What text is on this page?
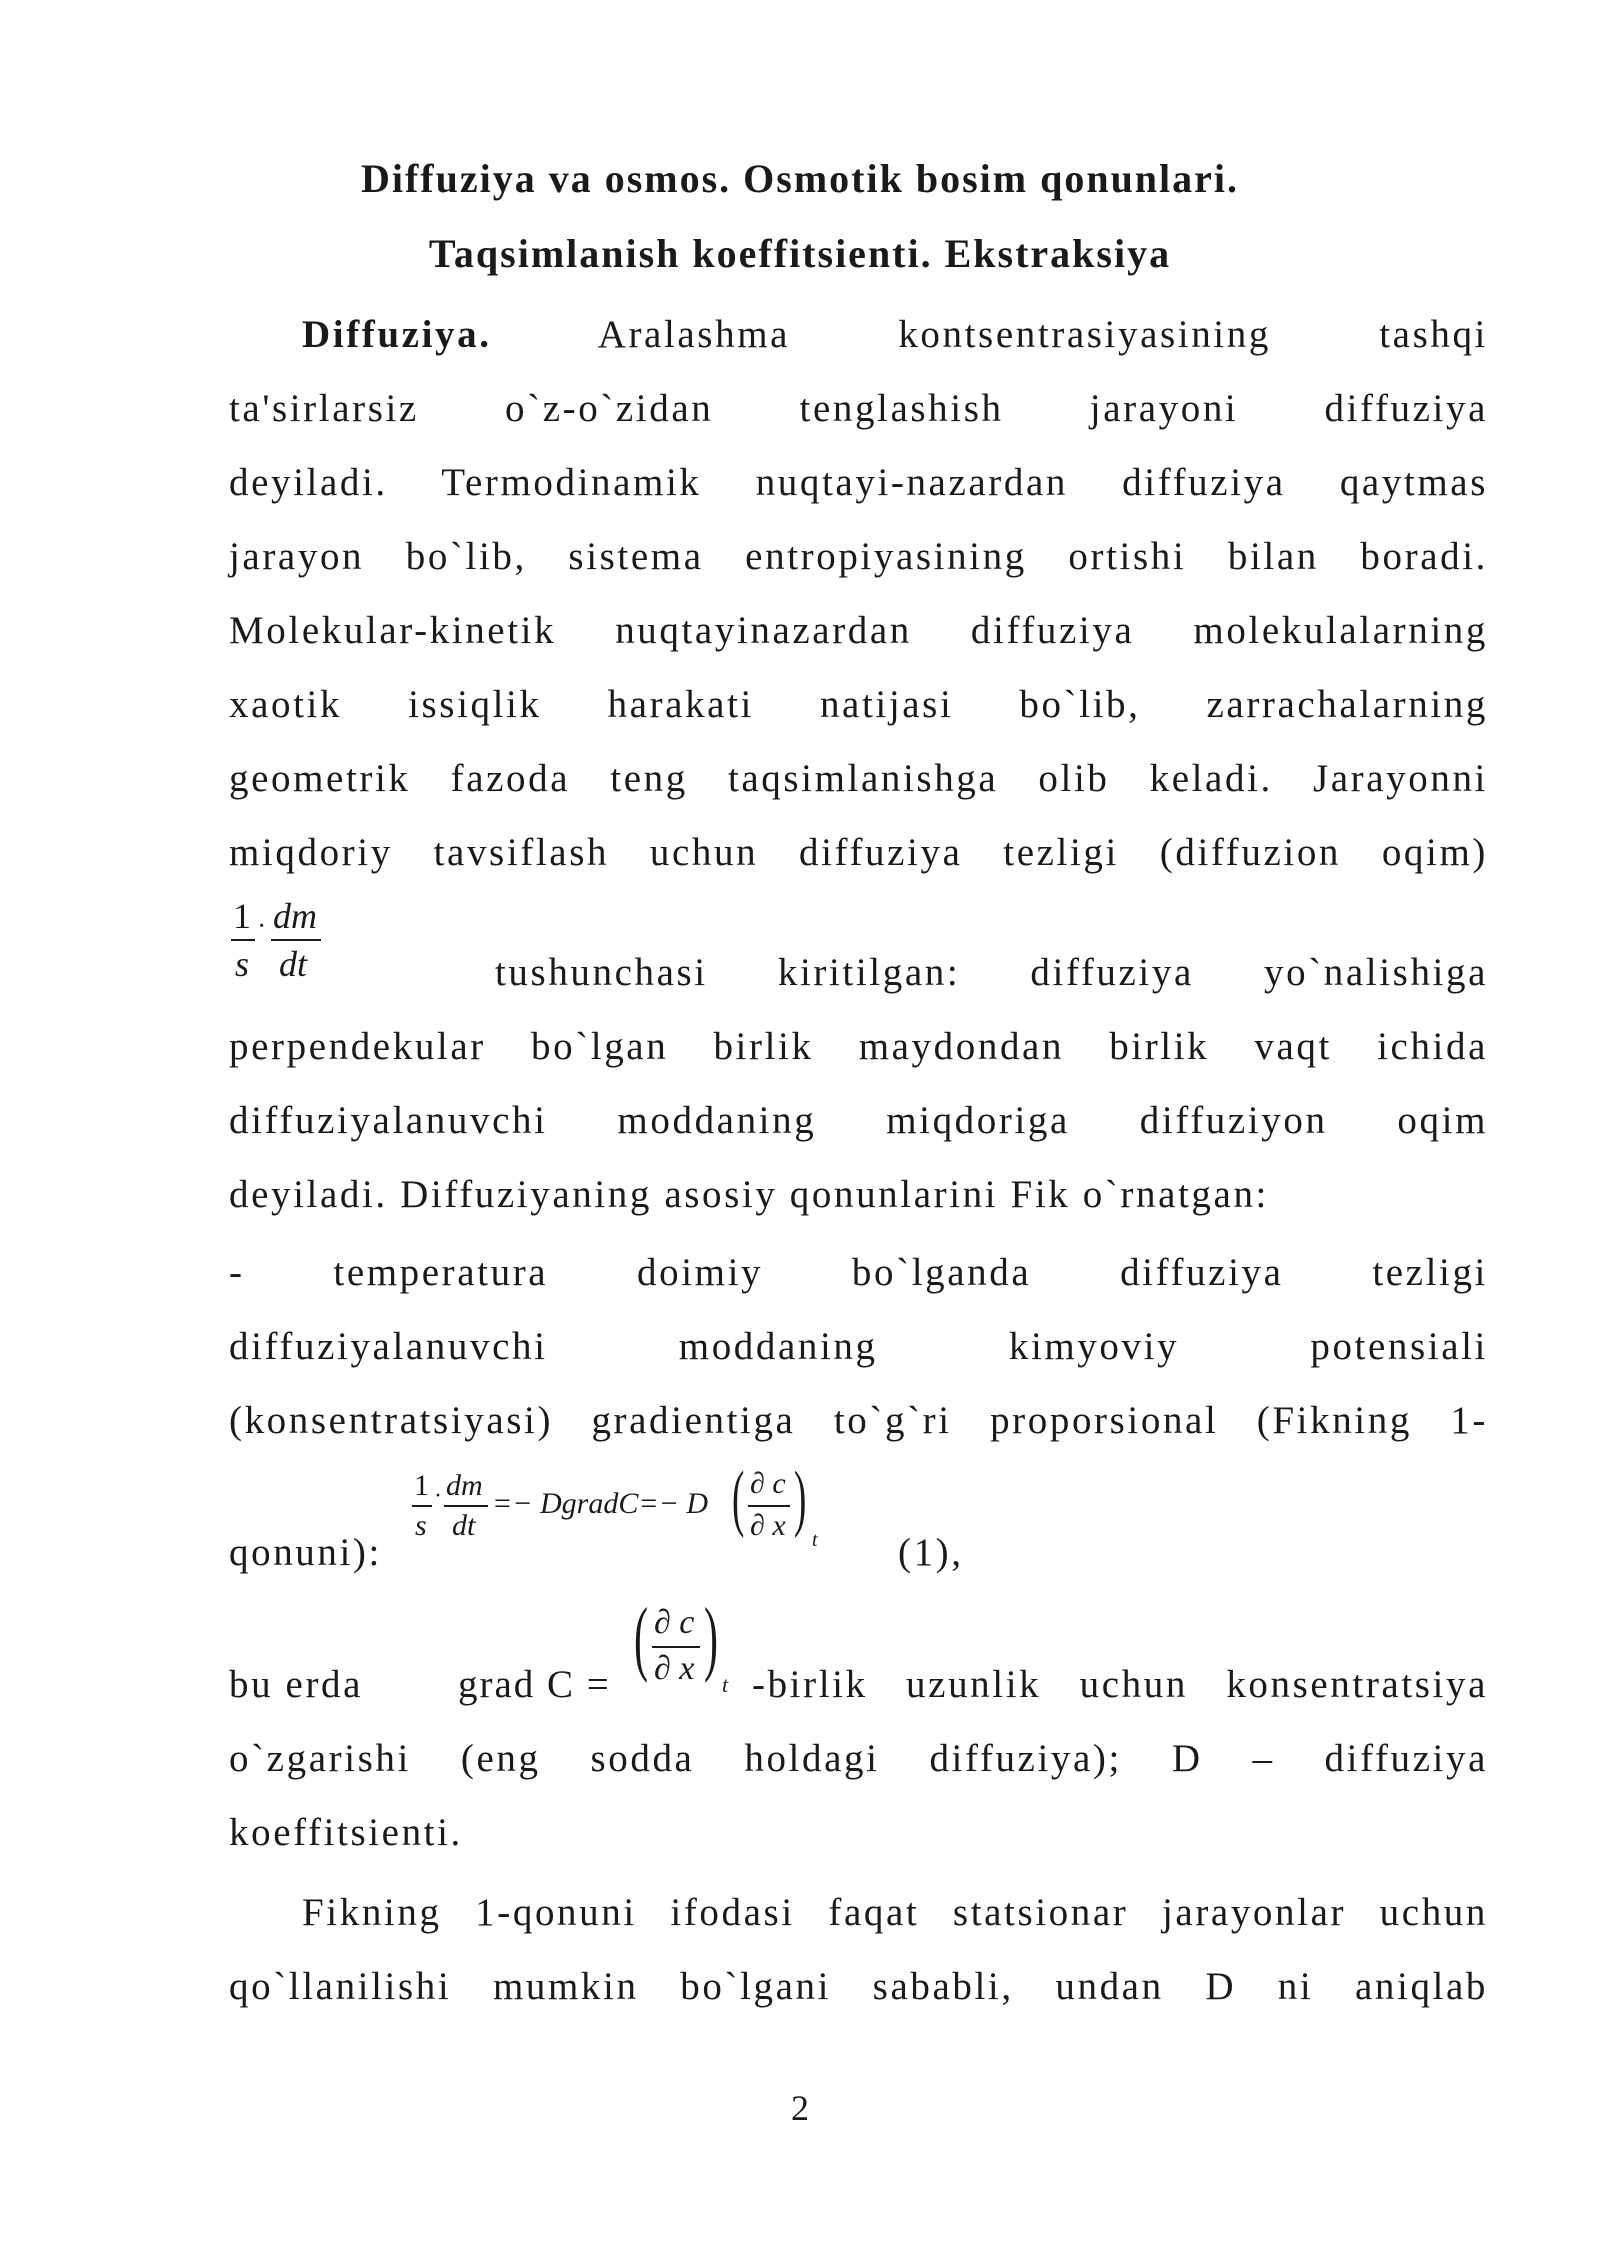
Diffuziya va osmos. Osmotik bosim qonunlari.
Taqsimlanish koeffitsienti. Ekstraksiya
Diffuziya.	Aralashma kontsentrasiyasining tashqi
ta'sirlarsiz o`z-o`zidan tenglashish jarayoni diffuziya
deyiladi. Termodinamik nuqtayi-nazardan diffuziya qaytmas
jarayon bo`lib, sistema entropiyasining ortishi bilan boradi.
Molekular-kinetik nuqtayinazardan diffuziya molekulalarning
xaotik issiqlik harakati natijasi bo`lib, zarrachalarning
geometrik fazoda teng taqsimlanishga olib keladi. Jarayonni
miqdoriy tavsiflash uchun diffuziya tezligi (diffuzion oqim)
1
s
· dm
dt	tushunchasi kiritilgan: diffuziya yo`nalishiga
perpendekular bo`lgan birlik maydondan birlik vaqt ichida
diffuziyalanuvchi moddaning miqdoriga diffuziyon oqim
deyiladi. Diffuziyaning asosiy qonunlarini Fik o`rnatgan:
- temperatura doimiy bo`lganda diffuziya tezligi
diffuziyalanuvchi moddaning kimyoviy potensiali
(konsentratsiyasi) gradientiga to`g`ri proporsional (Fikning 1-
qonuni):
1
s
· dm
dt
=− DgradC=− D ( ∂ c
∂ x )
t (1),
bu erda	grad C =
( ∂ c
∂ x )
t -birlik uzunlik uchun konsentratsiya
o`zgarishi (eng sodda holdagi diffuziya); D – diffuziya
koeffitsienti.
Fikning 1-qonuni ifodasi faqat statsionar jarayonlar uchun
qo`llanilishi mumkin bo`lgani sababli, undan D ni aniqlab
2
